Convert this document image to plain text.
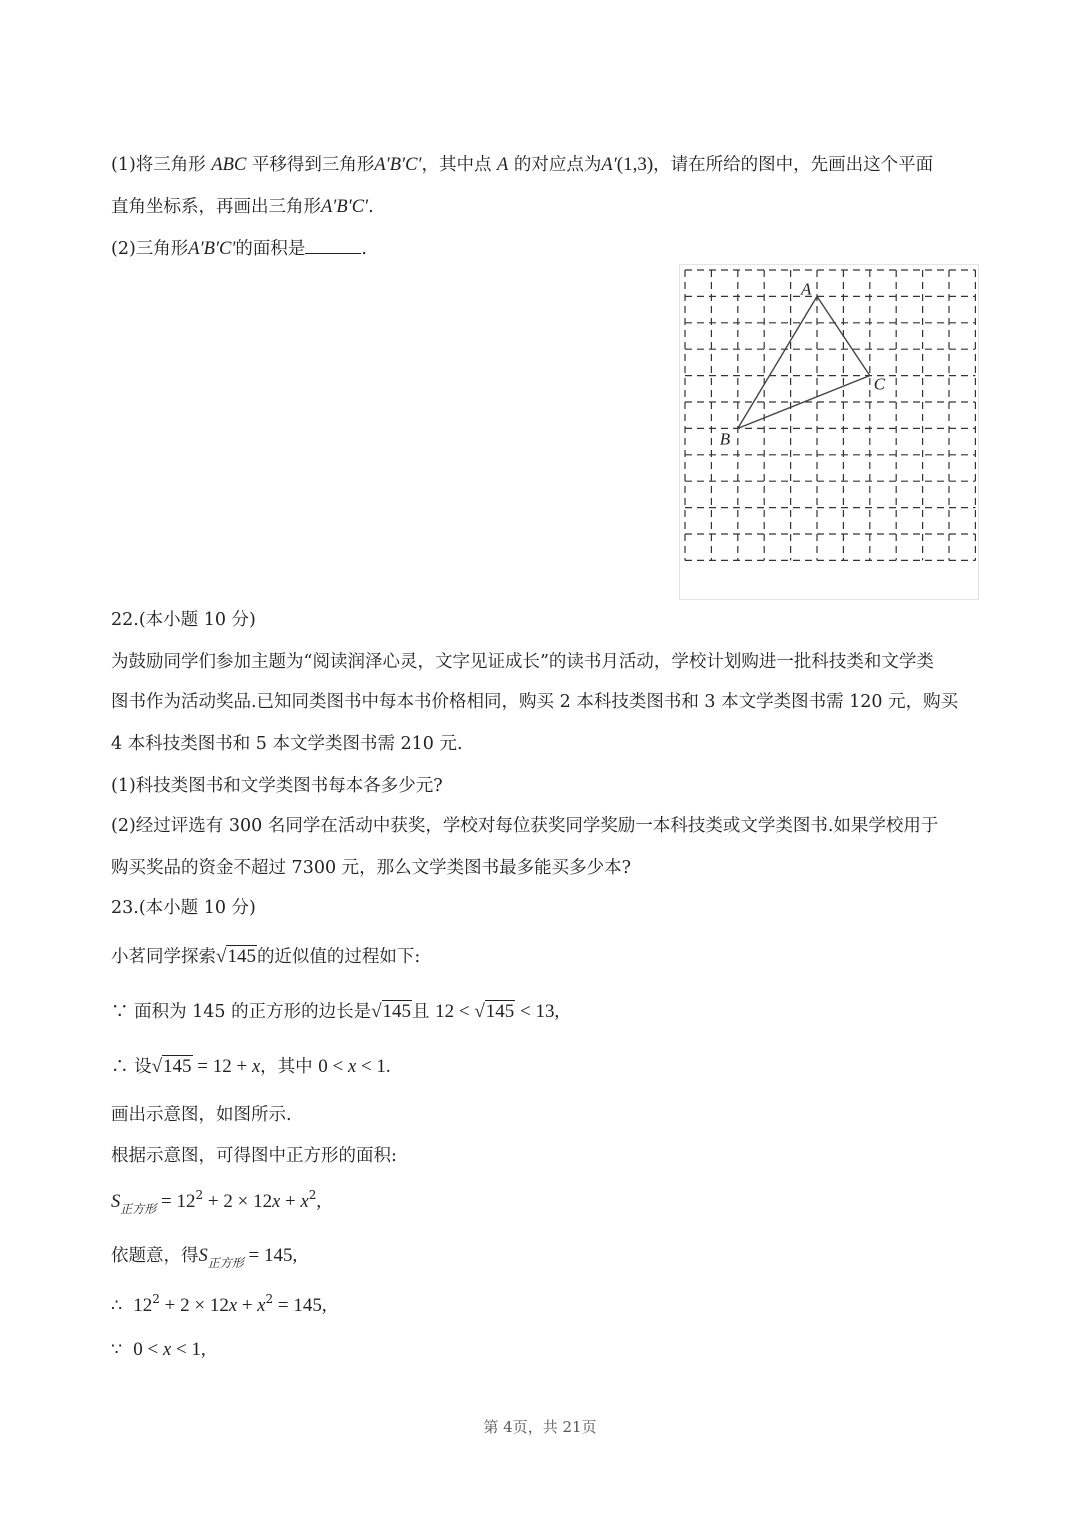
(1)将三角形 ABC 平移得到三角形A′B′C′，其中点 A 的对应点为A′(1,3)，请在所给的图中，先画出这个平面
直角坐标系，再画出三角形A′B′C′.
(2)三角形A′B′C′的面积是	.
A
B
C
22.(本小题 10 分)
为鼓励同学们参加主题为“阅读润泽心灵，文字见证成长”的读书月活动，学校计划购进一批科技类和文学类
图书作为活动奖品.已知同类图书中每本书价格相同，购买 2 本科技类图书和 3 本文学类图书需 120 元，购买
4 本科技类图书和 5 本文学类图书需 210 元.
(1)科技类图书和文学类图书每本各多少元?
(2)经过评选有 300 名同学在活动中获奖，学校对每位获奖同学奖励一本科技类或文学类图书.如果学校用于
购买奖品的资金不超过 7300 元，那么文学类图书最多能买多少本?
23.(本小题 10 分)
小茗同学探索√145的近似值的过程如下:
∵ 面积为 145 的正方形的边长是√145且 12 < √145 < 13,
∴ 设√145 = 12 + x，其中 0 < x < 1.
画出示意图，如图所示.
根据示意图，可得图中正方形的面积:
$S_{正方形} = 12^2 + 2 \times 12x + x^2$,
依题意，得$S_{正方形} = 145$,
∴ $12^2 + 2 \times 12x + x^2 = 145$,
∵ 0 < x < 1,
第 4页，共 21页
